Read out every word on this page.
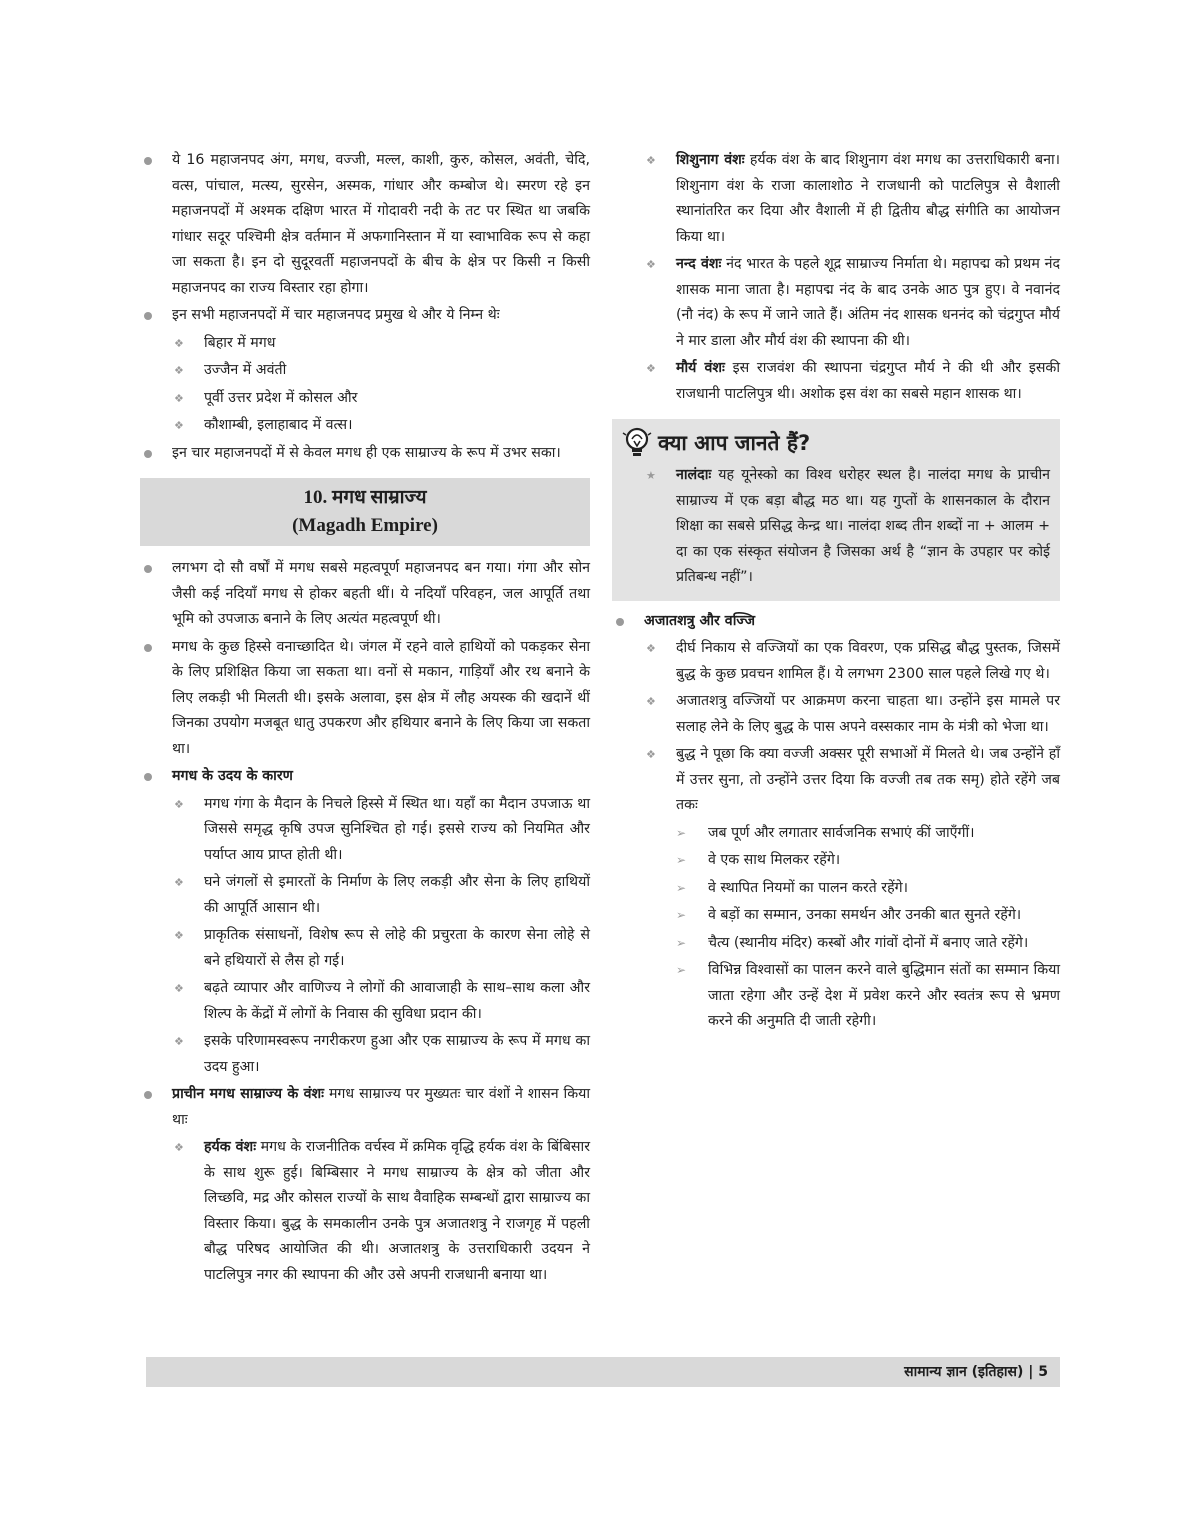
ये 16 महाजनपद अंग, मगध, वज्जी, मल्ल, काशी, कुरु, कोसल, अवंती, चेदि, वत्स, पांचाल, मत्स्य, सुरसेन, अस्मक, गांधार और कम्बोज थे। स्मरण रहे इन महाजनपदों में अश्मक दक्षिण भारत में गोदावरी नदी के तट पर स्थित था जबकि गांधार सदूर पश्चिमी क्षेत्र वर्तमान में अफगानिस्तान में या स्वाभाविक रूप से कहा जा सकता है। इन दो सुदूरवर्ती महाजनपदों के बीच के क्षेत्र पर किसी न किसी महाजनपद का राज्य विस्तार रहा होगा।
इन सभी महाजनपदों में चार महाजनपद प्रमुख थे और ये निम्न थेः
❖ बिहार में मगध
❖ उज्जैन में अवंती
❖ पूर्वी उत्तर प्रदेश में कोसल और
❖ कौशाम्बी, इलाहाबाद में वत्स।
इन चार महाजनपदों में से केवल मगध ही एक साम्राज्य के रूप में उभर सका।
10. मगध साम्राज्य
(Magadh Empire)
लगभग दो सौ वर्षों में मगध सबसे महत्वपूर्ण महाजनपद बन गया। गंगा और सोन जैसी कई नदियाँ मगध से होकर बहती थीं। ये नदियाँ परिवहन, जल आपूर्ति तथा भूमि को उपजाऊ बनाने के लिए अत्यंत महत्वपूर्ण थी।
मगध के कुछ हिस्से वनाच्छादित थे। जंगल में रहने वाले हाथियों को पकड़कर सेना के लिए प्रशिक्षित किया जा सकता था। वनों से मकान, गाड़ियाँ और रथ बनाने के लिए लकड़ी भी मिलती थी। इसके अलावा, इस क्षेत्र में लौह अयस्क की खदानें थीं जिनका उपयोग मजबूत धातु उपकरण और हथियार बनाने के लिए किया जा सकता था।
मगध के उदय के कारण
❖ मगध गंगा के मैदान के निचले हिस्से में स्थित था। यहाँ का मैदान उपजाऊ था जिससे समृद्ध कृषि उपज सुनिश्चित हो गई। इससे राज्य को नियमित और पर्याप्त आय प्राप्त होती थी।
❖ घने जंगलों से इमारतों के निर्माण के लिए लकड़ी और सेना के लिए हाथियों की आपूर्ति आसान थी।
❖ प्राकृतिक संसाधनों, विशेष रूप से लोहे की प्रचुरता के कारण सेना लोहे से बने हथियारों से लैस हो गई।
❖ बढ़ते व्यापार और वाणिज्य ने लोगों की आवाजाही के साथ–साथ कला और शिल्प के केंद्रों में लोगों के निवास की सुविधा प्रदान की।
❖ इसके परिणामस्वरूप नगरीकरण हुआ और एक साम्राज्य के रूप में मगध का उदय हुआ।
प्राचीन मगध साम्राज्य के वंशः मगध साम्राज्य पर मुख्यतः चार वंशों ने शासन किया थाः
❖ हर्यक वंशः मगध के राजनीतिक वर्चस्व में क्रमिक वृद्धि हर्यक वंश के बिंबिसार के साथ शुरू हुई। बिम्बिसार ने मगध साम्राज्य के क्षेत्र को जीता और लिच्छवि, मद्र और कोसल राज्यों के साथ वैवाहिक सम्बन्धों द्वारा साम्राज्य का विस्तार किया। बुद्ध के समकालीन उनके पुत्र अजातशत्रु ने राजगृह में पहली बौद्ध परिषद आयोजित की थी। अजातशत्रु के उत्तराधिकारी उदयन ने पाटलिपुत्र नगर की स्थापना की और उसे अपनी राजधानी बनाया था।
❖ शिशुनाग वंशः हर्यक वंश के बाद शिशुनाग वंश मगध का उत्तराधिकारी बना। शिशुनाग वंश के राजा कालाशोठ ने राजधानी को पाटलिपुत्र से वैशाली स्थानांतरित कर दिया और वैशाली में ही द्वितीय बौद्ध संगीति का आयोजन किया था।
❖ नन्द वंशः नंद भारत के पहले शूद्र साम्राज्य निर्माता थे। महापद्म को प्रथम नंद शासक माना जाता है। महापद्म नंद के बाद उनके आठ पुत्र हुए। वे नवानंद (नौ नंद) के रूप में जाने जाते हैं। अंतिम नंद शासक धननंद को चंद्रगुप्त मौर्य ने मार डाला और मौर्य वंश की स्थापना की थी।
❖ मौर्य वंशः इस राजवंश की स्थापना चंद्रगुप्त मौर्य ने की थी और इसकी राजधानी पाटलिपुत्र थी। अशोक इस वंश का सबसे महान शासक था।
क्या आप जानते हैं?
★ नालंदाः यह यूनेस्को का विश्व धरोहर स्थल है। नालंदा मगध के प्राचीन साम्राज्य में एक बड़ा बौद्ध मठ था। यह गुप्तों के शासनकाल के दौरान शिक्षा का सबसे प्रसिद्ध केन्द्र था। नालंदा शब्द तीन शब्दों ना + आलम + दा का एक संस्कृत संयोजन है जिसका अर्थ है “ज्ञान के उपहार पर कोई प्रतिबन्ध नहीं”।
अजातशत्रु और वज्जि
❖ दीर्घ निकाय से वज्जियों का एक विवरण, एक प्रसिद्ध बौद्ध पुस्तक, जिसमें बुद्ध के कुछ प्रवचन शामिल हैं। ये लगभग 2300 साल पहले लिखे गए थे।
❖ अजातशत्रु वज्जियों पर आक्रमण करना चाहता था। उन्होंने इस मामले पर सलाह लेने के लिए बुद्ध के पास अपने वस्सकार नाम के मंत्री को भेजा था।
❖ बुद्ध ने पूछा कि क्या वज्जी अक्सर पूरी सभाओं में मिलते थे। जब उन्होंने हाँ में उत्तर सुना, तो उन्होंने उत्तर दिया कि वज्जी तब तक समृ) होते रहेंगे जब तकः
➢ जब पूर्ण और लगातार सार्वजनिक सभाएं कीं जाएँगीं।
➢ वे एक साथ मिलकर रहेंगे।
➢ वे स्थापित नियमों का पालन करते रहेंगे।
➢ वे बड़ों का सम्मान, उनका समर्थन और उनकी बात सुनते रहेंगे।
➢ चैत्य (स्थानीय मंदिर) कस्बों और गांवों दोनों में बनाए जाते रहेंगे।
➢ विभिन्न विश्वासों का पालन करने वाले बुद्धिमान संतों का सम्मान किया जाता रहेगा और उन्हें देश में प्रवेश करने और स्वतंत्र रूप से भ्रमण करने की अनुमति दी जाती रहेगी।
सामान्य ज्ञान (इतिहास) | 5
